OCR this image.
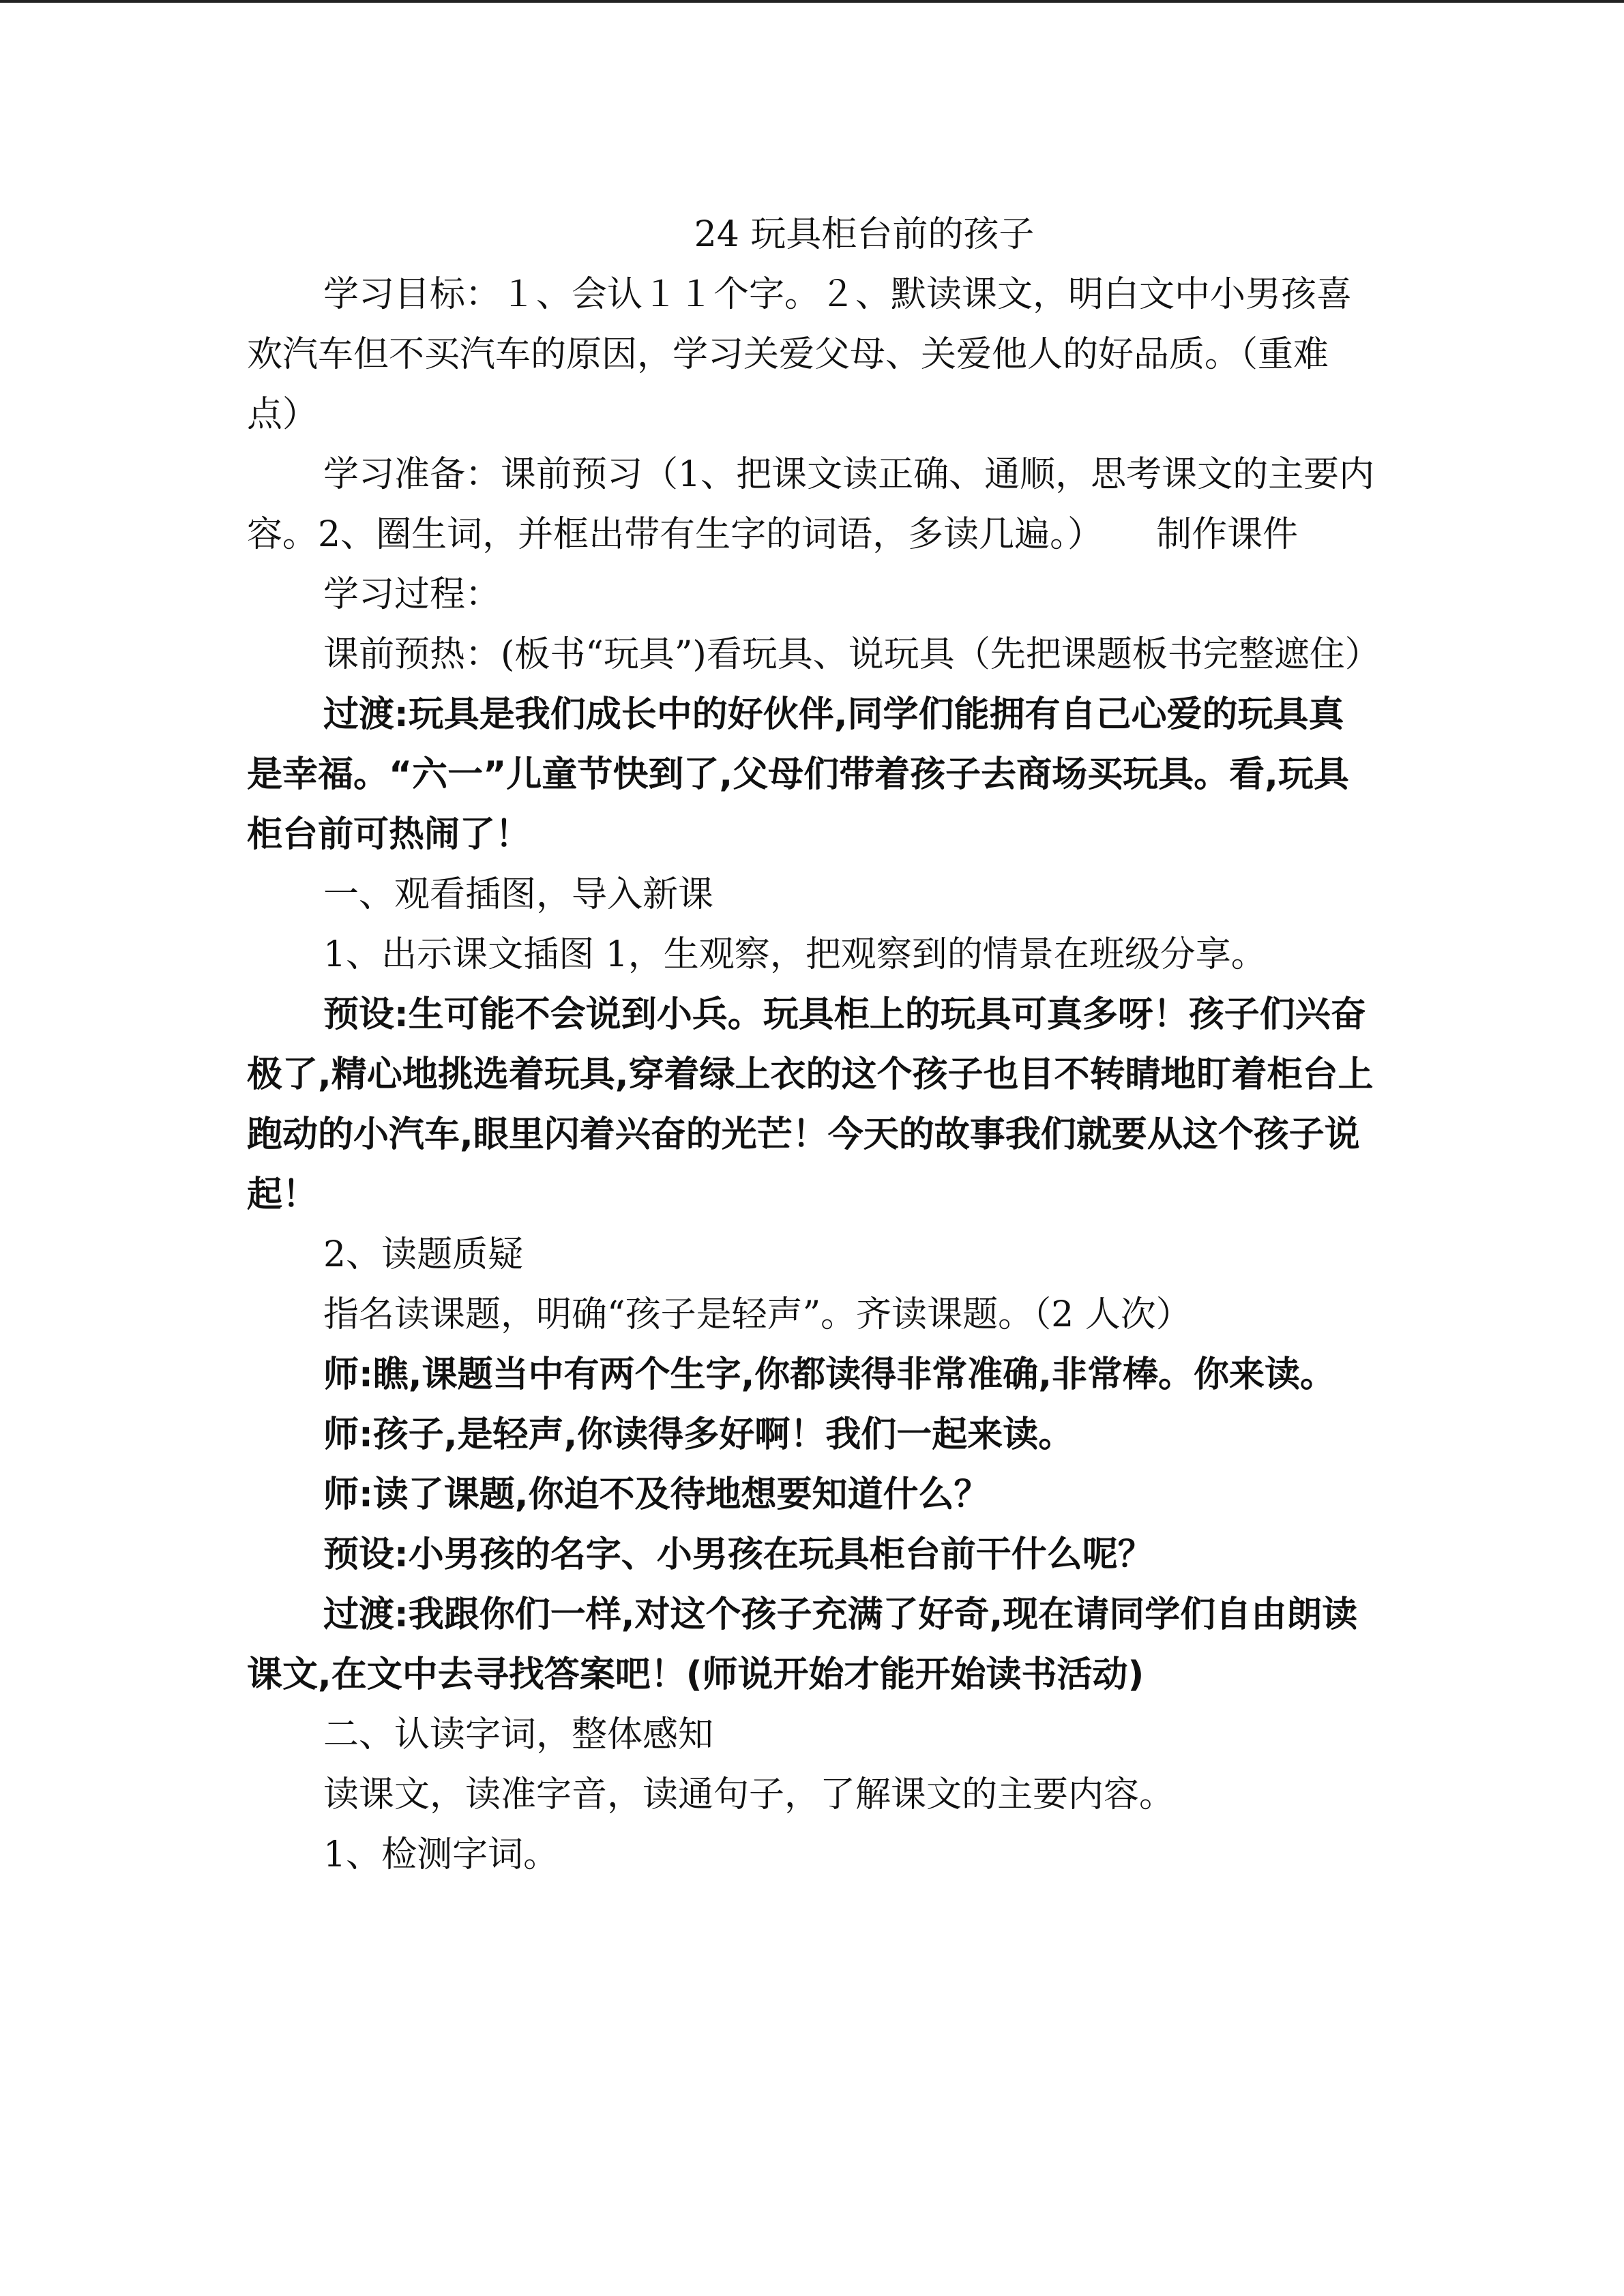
24 玩具柜台前的孩子

学习目标：１、会认１１个字。２、默读课文，明白文中小男孩喜欢汽车但不买汽车的原因，学习关爱父母、关爱他人的好品质。（重难点）

学习准备：课前预习（1、把课文读正确、通顺，思考课文的主要内容。2、圈生词，并框出带有生字的词语，多读几遍。）　　制作课件

学习过程：

课前预热：(板书“玩具”)看玩具、说玩具（先把课题板书完整遮住）

过渡:玩具是我们成长中的好伙伴,同学们能拥有自己心爱的玩具真是幸福。“六一”儿童节快到了,父母们带着孩子去商场买玩具。看,玩具柜台前可热闹了！

一、观看插图，导入新课

1、出示课文插图 1，生观察，把观察到的情景在班级分享。

预设:生可能不会说到小兵。玩具柜上的玩具可真多呀！孩子们兴奋极了,精心地挑选着玩具,穿着绿上衣的这个孩子也目不转睛地盯着柜台上跑动的小汽车,眼里闪着兴奋的光芒！今天的故事我们就要从这个孩子说起！

2、读题质疑

指名读课题，明确“孩子是轻声”。齐读课题。（2 人次）

师:瞧,课题当中有两个生字,你都读得非常准确,非常棒。你来读。

师:孩子,是轻声,你读得多好啊！我们一起来读。

师:读了课题,你迫不及待地想要知道什么？

预设:小男孩的名字、小男孩在玩具柜台前干什么呢？

过渡:我跟你们一样,对这个孩子充满了好奇,现在请同学们自由朗读课文,在文中去寻找答案吧！(师说开始才能开始读书活动)

二、认读字词，整体感知

读课文，读准字音，读通句子，了解课文的主要内容。

1、检测字词。
